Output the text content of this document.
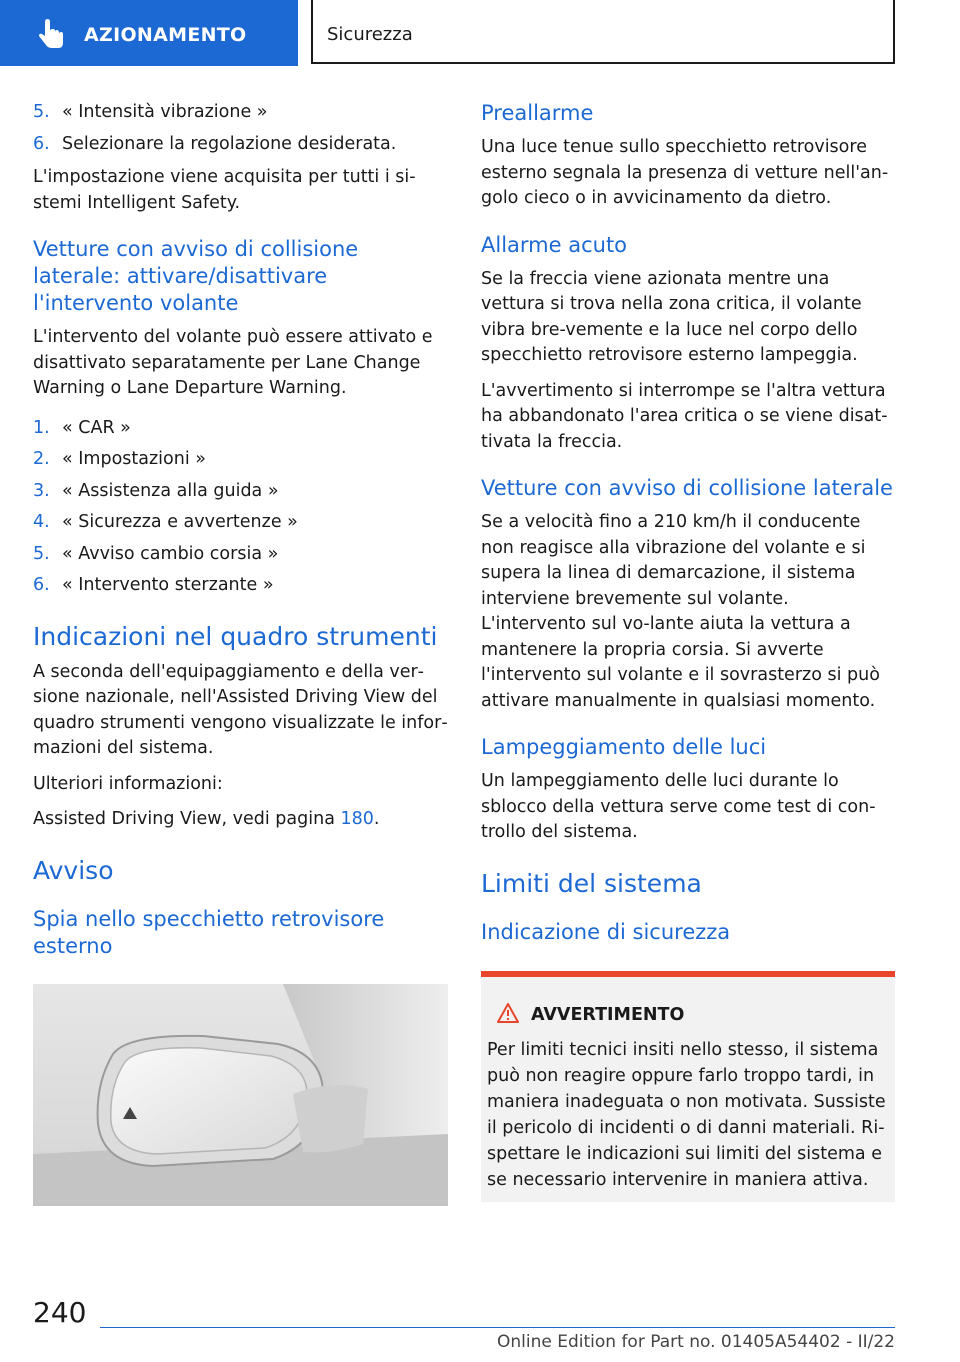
AZIONAMENTO	Sicurezza
5. « Intensità vibrazione »
6. Selezionare la regolazione desiderata.

L'impostazione viene acquisita per tutti i si‐stemi Intelligent Safety.

Vetture con avviso di collisione laterale: attivare/disattivare l'intervento volante

L'intervento del volante può essere attivato e disattivato separatamente per Lane Change Warning o Lane Departure Warning.

1. « CAR »
2. « Impostazioni »
3. « Assistenza alla guida »
4. « Sicurezza e avvertenze »
5. « Avviso cambio corsia »
6. « Intervento sterzante »
Indicazioni nel quadro strumenti

A seconda dell'equipaggiamento e della ver‐sione nazionale, nell'Assisted Driving View del quadro strumenti vengono visualizzate le infor‐mazioni del sistema.

Ulteriori informazioni:

Assisted Driving View, vedi pagina 180.

Avviso
Spia nello specchietto retrovisore esterno
Preallarme

Una luce tenue sullo specchietto retrovisore esterno segnala la presenza di vetture nell'an‐golo cieco o in avvicinamento da dietro.

Allarme acuto

Se la freccia viene azionata mentre una vettura si trova nella zona critica, il volante vibra bre‐vemente e la luce nel corpo dello specchietto retrovisore esterno lampeggia.

L'avvertimento si interrompe se l'altra vettura ha abbandonato l'area critica o se viene disat‐tivata la freccia.

Vetture con avviso di collisione laterale

Se a velocità fino a 210 km/h il conducente non reagisce alla vibrazione del volante e si supera la linea di demarcazione, il sistema interviene brevemente sul volante. L'intervento sul vo‐lante aiuta la vettura a mantenere la propria corsia. Si avverte l'intervento sul volante e il sovrasterzo si può attivare manualmente in qualsiasi momento.

Lampeggiamento delle luci

Un lampeggiamento delle luci durante lo sblocco della vettura serve come test di con‐trollo del sistema.

Limiti del sistema
Indicazione di sicurezza
AVVERTIMENTO
Per limiti tecnici insiti nello stesso, il sistema può non reagire oppure farlo troppo tardi, in maniera inadeguata o non motivata. Sussiste il pericolo di incidenti o di danni materiali. Ri‐spettare le indicazioni sui limiti del sistema e se necessario intervenire in maniera attiva.
240
Online Edition for Part no. 01405A54402 - II/22
